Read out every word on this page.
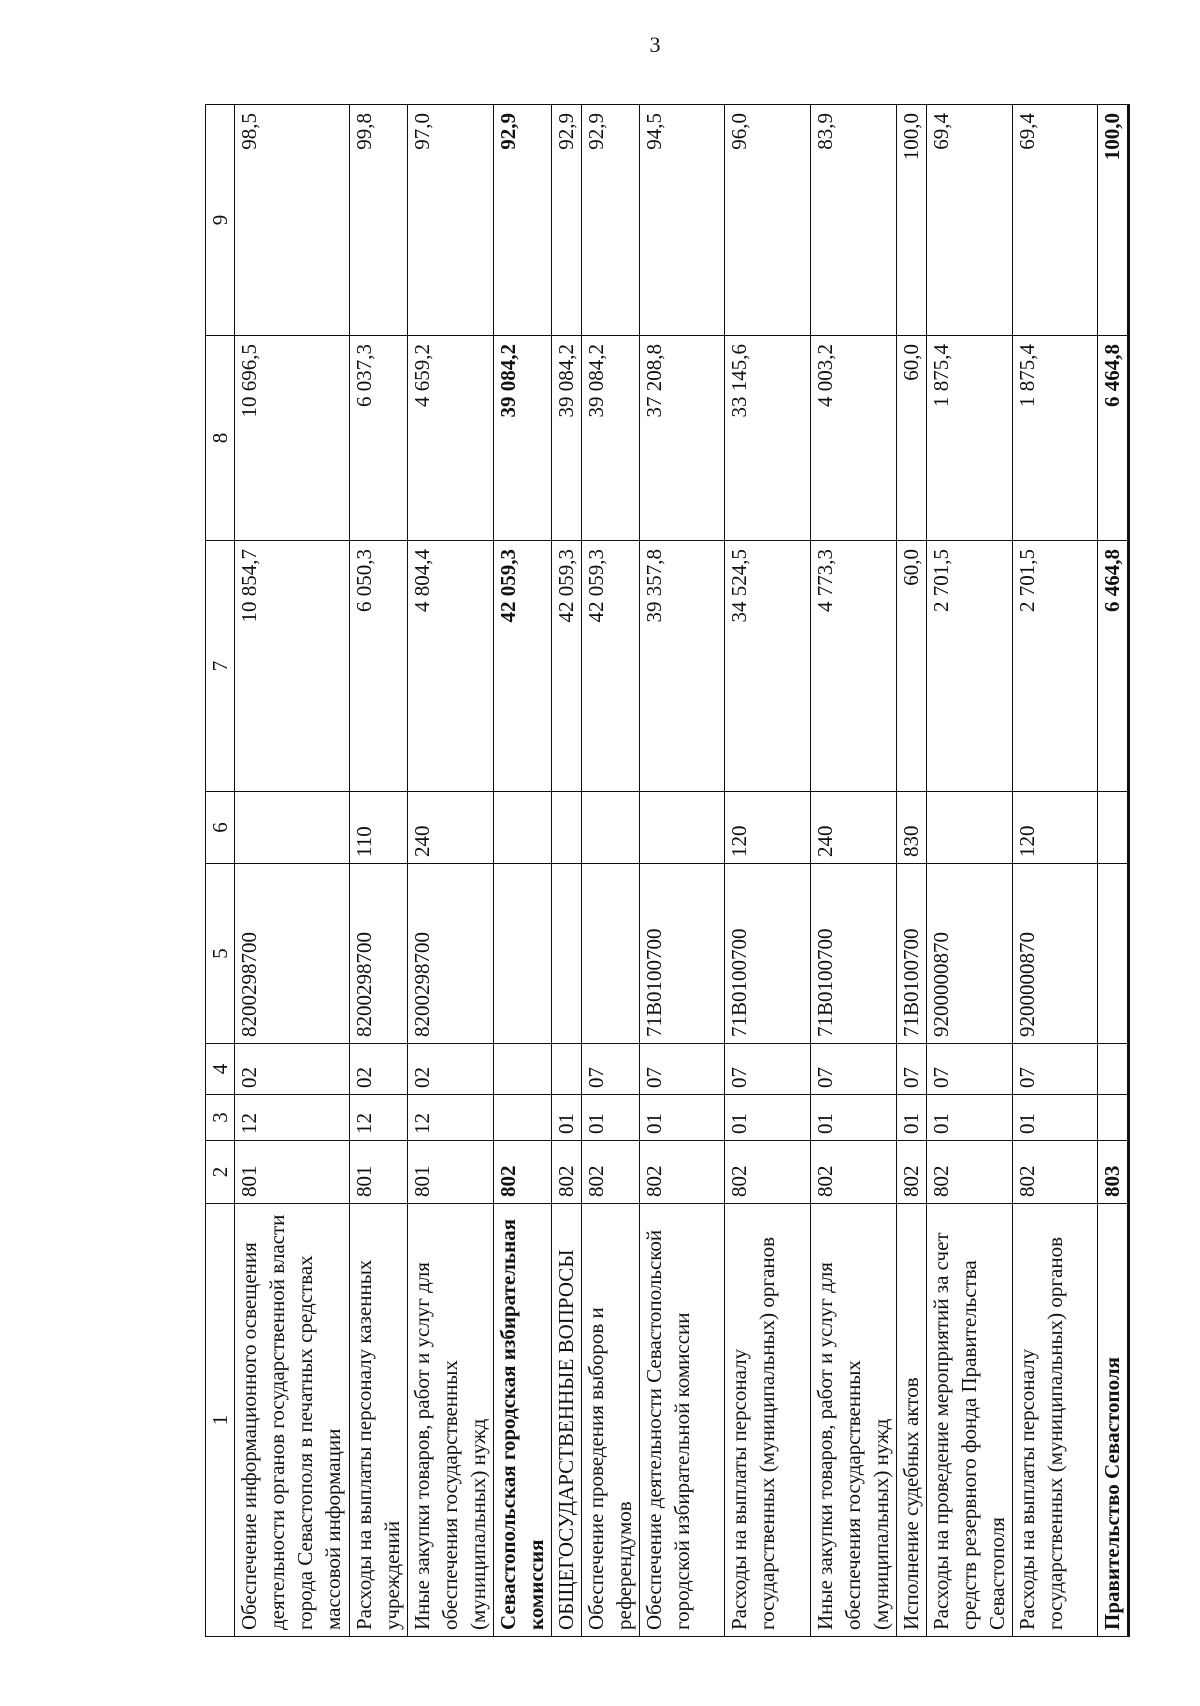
3
1	2	3	4	5	6	7	8	9
Обеспечение информационного освещения деятельности органов государственной власти города Севастополя в печатных средствах массовой информации	801	12	02	8200298700		10 854,7	10 696,5	98,5
Расходы на выплаты персоналу казенных учреждений	801	12	02	8200298700	110	6 050,3	6 037,3	99,8
Иные закупки товаров, работ и услуг для обеспечения государственных (муниципальных) нужд	801	12	02	8200298700	240	4 804,4	4 659,2	97,0
Севастопольская городская избирательная комиссия	802					42 059,3	39 084,2	92,9
ОБЩЕГОСУДАРСТВЕННЫЕ ВОПРОСЫ	802	01				42 059,3	39 084,2	92,9
Обеспечение проведения выборов и референдумов	802	01	07			42 059,3	39 084,2	92,9
Обеспечение деятельности Севастопольской городской избирательной комиссии	802	01	07	71В0100700		39 357,8	37 208,8	94,5
Расходы на выплаты персоналу государственных (муниципальных) органов	802	01	07	71В0100700	120	34 524,5	33 145,6	96,0
Иные закупки товаров, работ и услуг для обеспечения государственных (муниципальных) нужд	802	01	07	71В0100700	240	4 773,3	4 003,2	83,9
Исполнение судебных актов	802	01	07	71В0100700	830	60,0	60,0	100,0
Расходы на проведение мероприятий за счет средств резервного фонда Правительства Севастополя	802	01	07	9200000870		2 701,5	1 875,4	69,4
Расходы на выплаты персоналу государственных (муниципальных) органов	802	01	07	9200000870	120	2 701,5	1 875,4	69,4
Правительство Севастополя	803					6 464,8	6 464,8	100,0
